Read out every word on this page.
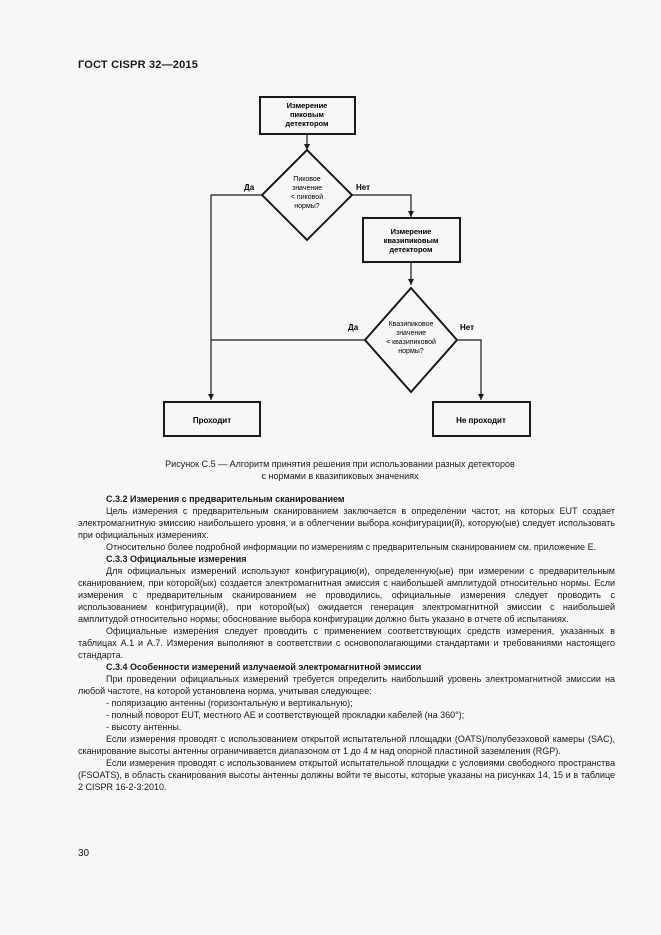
ГОСТ CISPR 32—2015
Измерение
пиковым
детектором
Пиковое
значение
< пиковой
нормы?
Да	Нет
Измерение
квазипиковым
детектором
Квазипиковое
значение
< квазипиковой
нормы?
Да	Нет
Проходит	Не проходит
Рисунок С.5 — Алгоритм принятия решения при использовании разных детекторов
с нормами в квазипиковых значениях
С.3.2 Измерения с предварительным сканированием

Цель измерения с предварительным сканированием заключается в определении частот, на которых EUT создает электромагнитную эмиссию наибольшего уровня, и в облегчении выбора конфигурации(й), которую(ые) следует использовать при официальных измерениях.

Относительно более подробной информации по измерениям с предварительным сканированием см. приложение Е.

С.3.3 Официальные измерения

Для официальных измерений используют конфигурацию(и), определенную(ые) при измерении с предварительным сканированием, при которой(ых) создается электромагнитная эмиссия с наибольшей амплитудой относительно нормы. Если измерения с предварительным сканированием не проводились, официальные измерения следует проводить с использованием конфигурации(й), при которой(ых) ожидается генерация электромагнитной эмиссии с наибольшей амплитудой относительно нормы; обоснование выбора конфигурации должно быть указано в отчете об испытаниях.

Официальные измерения следует проводить с применением соответствующих средств измерения, указанных в таблицах А.1 и А.7. Измерения выполняют в соответствии с основополагающими стандартами и требованиями настоящего стандарта.

С.3.4 Особенности измерений излучаемой электромагнитной эмиссии

При проведении официальных измерений требуется определить наибольший уровень электромагнитной эмиссии на любой частоте, на которой установлена норма, учитывая следующее:

- поляризацию антенны (горизонтальную и вертикальную);
- полный поворот EUT, местного АЕ и соответствующей прокладки кабелей (на 360°);
- высоту антенны.

Если измерения проводят с использованием открытой испытательной площадки (OATS)/полубезэховой камеры (SAC), сканирование высоты антенны ограничивается диапазоном от 1 до 4 м над опорной пластиной заземления (RGP).

Если измерения проводят с использованием открытой испытательной площадки с условиями свободного пространства (FSOATS), в область сканирования высоты антенны должны войти те высоты, которые указаны на рисунках 14, 15 и в таблице 2 CISPR 16-2-3:2010.

30
